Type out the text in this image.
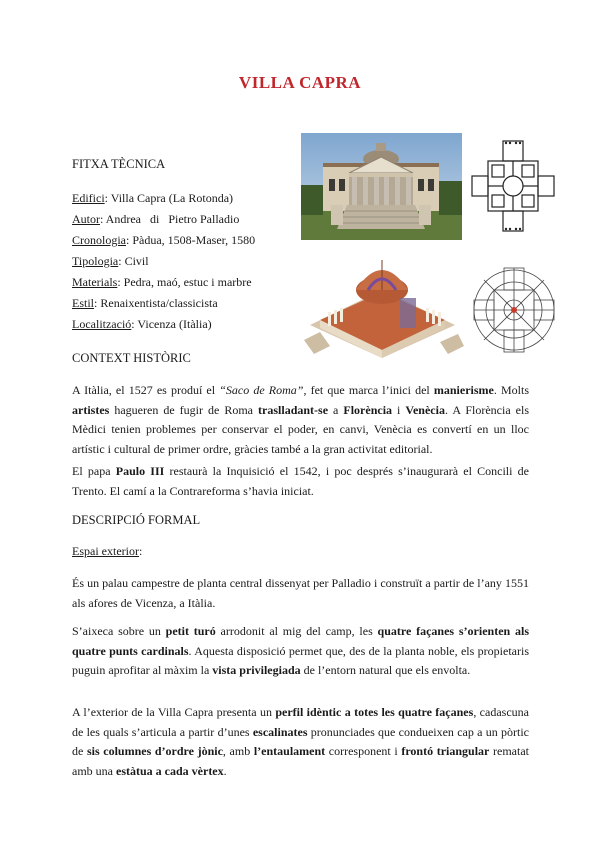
VILLA CAPRA
FITXA TÈCNICA
Edifici: Villa Capra (La Rotonda)
Autor: Andrea   di   Pietro Palladio
Cronologia: Pàdua, 1508-Maser, 1580
Tipologia: Civil
Materials: Pedra, maó, estuc i marbre
Estil: Renaixentista/classicista
Localització: Vicenza (Itàlia)
CONTEXT HISTÒRIC
A Itàlia, el 1527 es produí el “Saco de Roma”, fet que marca l’inici del manierisme. Molts artistes hagueren de fugir de Roma traslladant-se a Florència i Venècia. A Florència els Mèdici tenien problemes per conservar el poder, en canvi, Venècia es convertí en un lloc artístic i cultural de primer ordre, gràcies també a la gran activitat editorial.
El papa Paulo III restaurà la Inquisició el 1542, i poc després s’inaugurarà el Concili de Trento. El camí a la Contrareforma s’havia iniciat.
DESCRIPCIÓ FORMAL
Espai exterior:
És un palau campestre de planta central dissenyat per Palladio i construït a partir de l’any 1551 als afores de Vicenza, a Itàlia.
S’aixeca sobre un petit turó arrodonit al mig del camp, les quatre façanes s’orienten als quatre punts cardinals. Aquesta disposició permet que, des de la planta noble, els propietaris puguin aprofitar al màxim la vista privilegiada de l’entorn natural que els envolta.
A l’exterior de la Villa Capra presenta un perfil idèntic a totes les quatre façanes, cadascuna de les quals s’articula a partir d’unes escalinates pronunciades que condueixen cap a un pòrtic de sis columnes d’ordre jònic, amb l’entaulament corresponent i frontó triangular rematat amb una estàtua a cada vèrtex.
